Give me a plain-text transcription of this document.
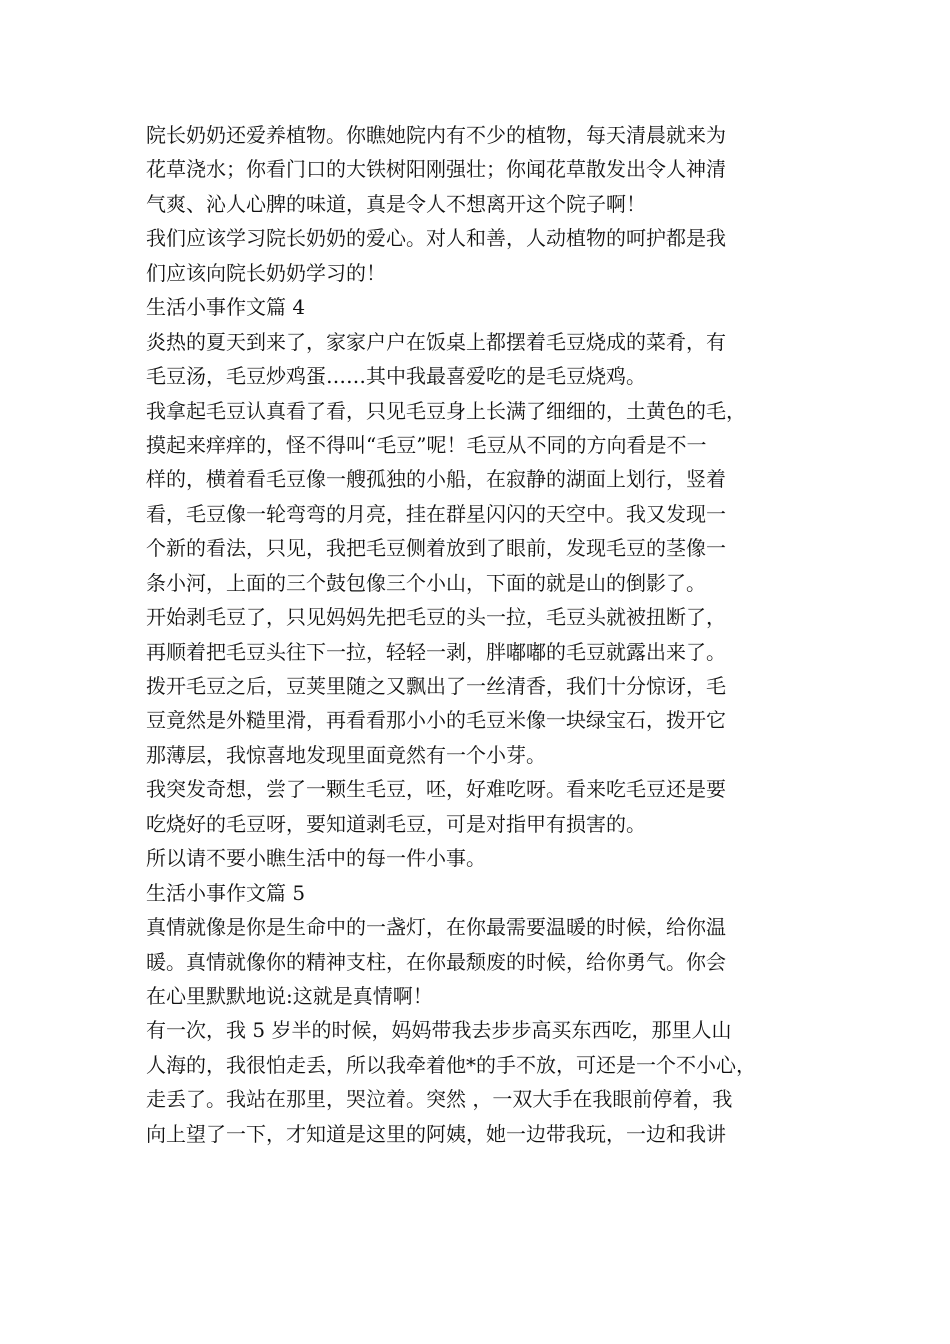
院长奶奶还爱养植物。你瞧她院内有不少的植物，每天清晨就来为
花草浇水；你看门口的大铁树阳刚强壮；你闻花草散发出令人神清
气爽、沁人心脾的味道，真是令人不想离开这个院子啊！
我们应该学习院长奶奶的爱心。对人和善，人动植物的呵护都是我
们应该向院长奶奶学习的！
生活小事作文篇 4
炎热的夏天到来了，家家户户在饭桌上都摆着毛豆烧成的菜肴，有
毛豆汤，毛豆炒鸡蛋……其中我最喜爱吃的是毛豆烧鸡。
我拿起毛豆认真看了看，只见毛豆身上长满了细细的，土黄色的毛，
摸起来痒痒的，怪不得叫“毛豆”呢！毛豆从不同的方向看是不一
样的，横着看毛豆像一艘孤独的小船，在寂静的湖面上划行，竖着
看，毛豆像一轮弯弯的月亮，挂在群星闪闪的天空中。我又发现一
个新的看法，只见，我把毛豆侧着放到了眼前，发现毛豆的茎像一
条小河，上面的三个鼓包像三个小山，下面的就是山的倒影了。
开始剥毛豆了，只见妈妈先把毛豆的头一拉，毛豆头就被扭断了，
再顺着把毛豆头往下一拉，轻轻一剥，胖嘟嘟的毛豆就露出来了。
拨开毛豆之后，豆荚里随之又飘出了一丝清香，我们十分惊讶，毛
豆竟然是外糙里滑，再看看那小小的毛豆米像一块绿宝石，拨开它
那薄层，我惊喜地发现里面竟然有一个小芽。
我突发奇想，尝了一颗生毛豆，呸，好难吃呀。看来吃毛豆还是要
吃烧好的毛豆呀，要知道剥毛豆，可是对指甲有损害的。
所以请不要小瞧生活中的每一件小事。
生活小事作文篇 5
真情就像是你是生命中的一盏灯，在你最需要温暖的时候，给你温
暖。真情就像你的精神支柱，在你最颓废的时候，给你勇气。你会
在心里默默地说:这就是真情啊！
有一次，我 5 岁半的时候，妈妈带我去步步高买东西吃，那里人山
人海的，我很怕走丢，所以我牵着他*的手不放，可还是一个不小心，
走丢了。我站在那里，哭泣着。突然 ，一双大手在我眼前停着，我
向上望了一下，才知道是这里的阿姨，她一边带我玩，一边和我讲
